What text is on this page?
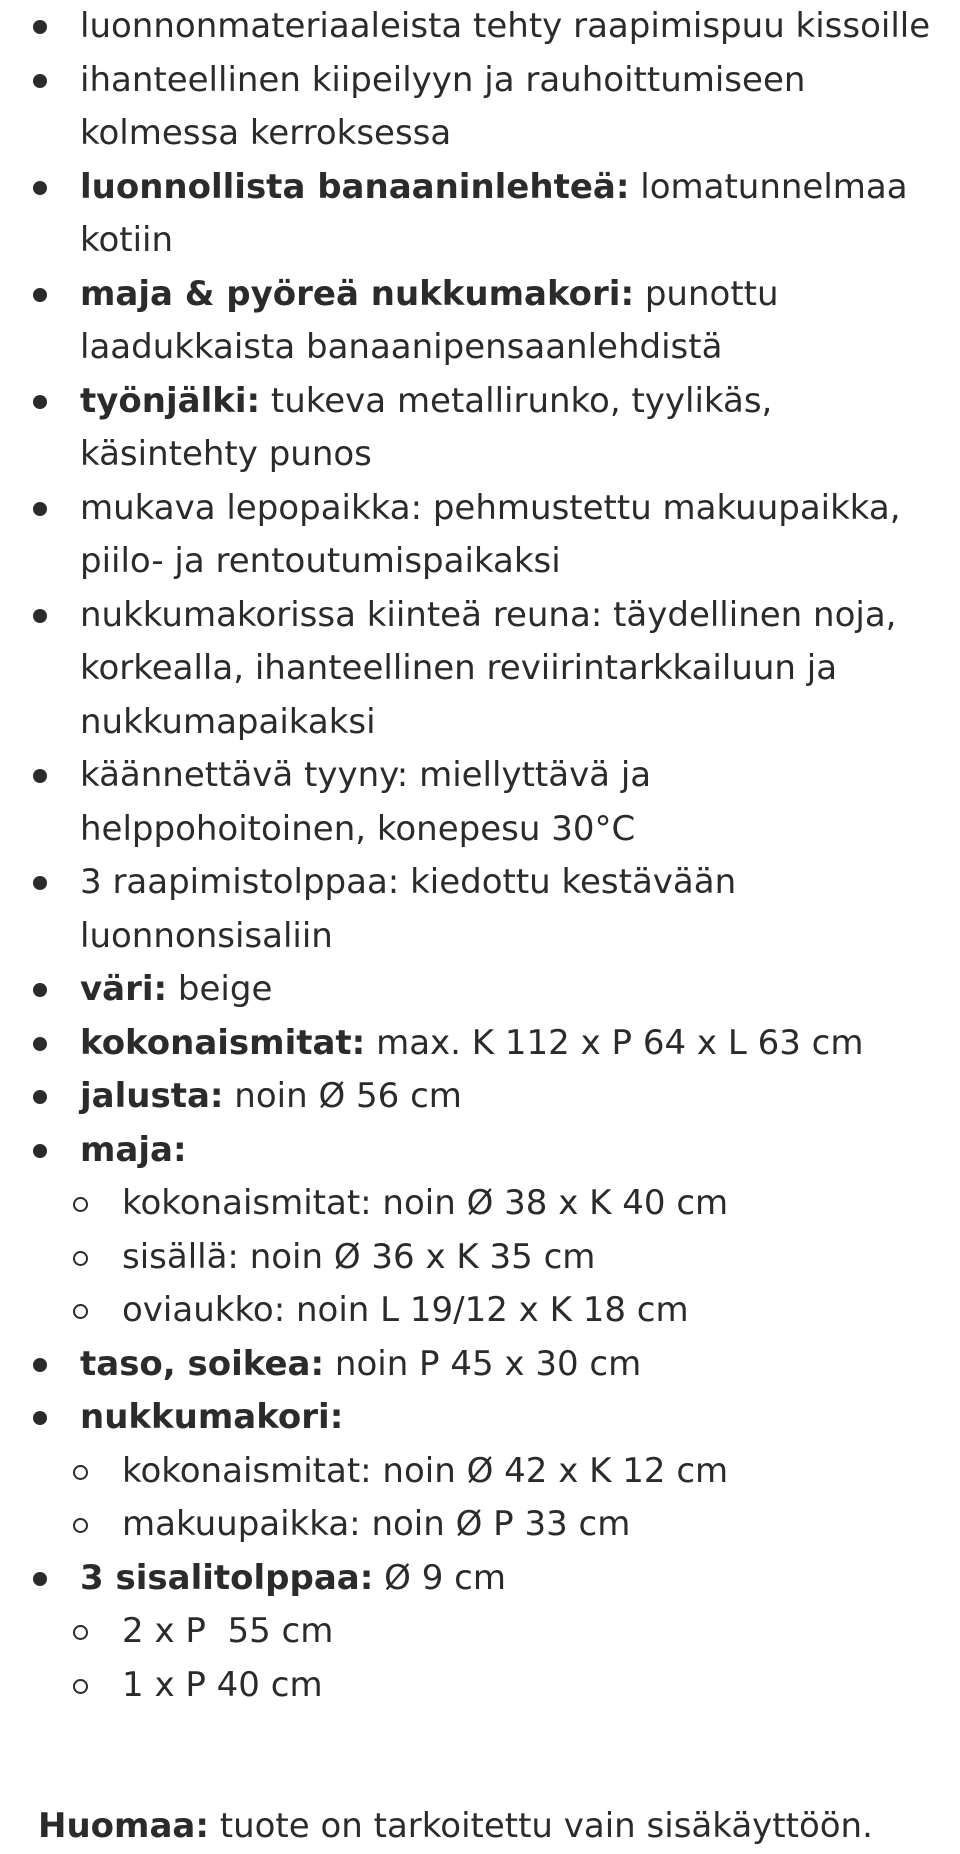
luonnonmateriaaleista tehty raapimispuu kissoille
ihanteellinen kiipeilyyn ja rauhoittumiseen kolmessa kerroksessa
luonnollista banaaninlehteä: lomatunnelmaa kotiin
maja & pyöreä nukkumakori: punottu laadukkaista banaanipensaanlehdistä
työnjälki: tukeva metallirunko, tyylikäs, käsintehty punos
mukava lepopaikka: pehmustettu makuupaikka, piilo- ja rentoutumispaikaksi
nukkumakorissa kiinteä reuna: täydellinen noja, korkealla, ihanteellinen reviirintarkkailuun ja nukkumapaikaksi
käännettävä tyyny: miellyttävä ja helppohoitoinen, konepesu 30°C
3 raapimistolppaa: kiedottu kestävään luonnonsisaliin
väri: beige
kokonaismitat: max. K 112 x P 64 x L 63 cm
jalusta: noin Ø 56 cm
maja:
kokonaismitat: noin Ø 38 x K 40 cm
sisällä: noin Ø 36 x K 35 cm
oviaukko: noin L 19/12 x K 18 cm
taso, soikea: noin P 45 x 30 cm
nukkumakori:
kokonaismitat: noin Ø 42 x K 12 cm
makuupaikka: noin Ø P 33 cm
3 sisalitolppaa: Ø 9 cm
2 x P  55 cm
1 x P 40 cm
Huomaa: tuote on tarkoitettu vain sisäkäyttöön.
